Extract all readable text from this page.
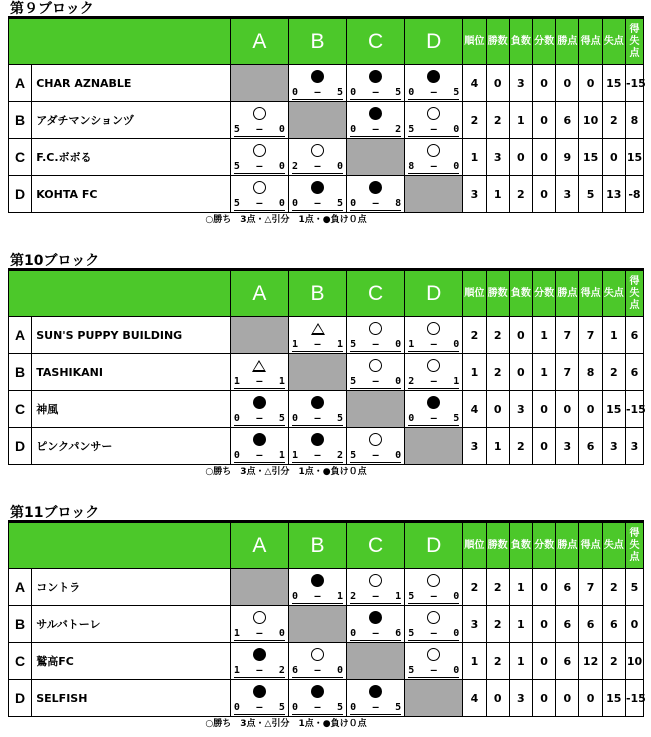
第９ブロック
		A	B	C	D	順位	勝数	負数	分数	勝点	得点	失点	得失点
A	CHAR AZNABLE		0 – 5	0 – 5	0 – 5	4	0	3	0	0	0	15	-15
B	アダチマンションヅ	5 – 0		0 – 2	5 – 0	2	2	1	0	6	10	2	8
C	F.C.ボボる	5 – 0	2 – 0		8 – 0	1	3	0	0	9	15	0	15
D	KOHTA FC	5 – 0	0 – 5	0 – 8		3	1	2	0	3	5	13	-8
○勝ち　3点・△引分　1点・●負け０点
第10ブロック
		A	B	C	D	順位	勝数	負数	分数	勝点	得点	失点	得失点
A	SUN'S PUPPY BUILDING		1 – 1	5 – 0	1 – 0	2	2	0	1	7	7	1	6
B	TASHIKANI	1 – 1		5 – 0	2 – 1	1	2	0	1	7	8	2	6
C	神風	0 – 5	0 – 5		0 – 5	4	0	3	0	0	0	15	-15
D	ピンクパンサー	0 – 1	1 – 2	5 – 0		3	1	2	0	3	6	3	3
○勝ち　3点・△引分　1点・●負け０点
第11ブロック
		A	B	C	D	順位	勝数	負数	分数	勝点	得点	失点	得失点
A	コントラ		0 – 1	2 – 1	5 – 0	2	2	1	0	6	7	2	5
B	サルバトーレ	1 – 0		0 – 6	5 – 0	3	2	1	0	6	6	6	0
C	鷲高FC	1 – 2	6 – 0		5 – 0	1	2	1	0	6	12	2	10
D	SELFISH	0 – 5	0 – 5	0 – 5		4	0	3	0	0	0	15	-15
○勝ち　3点・△引分　1点・●負け０点
